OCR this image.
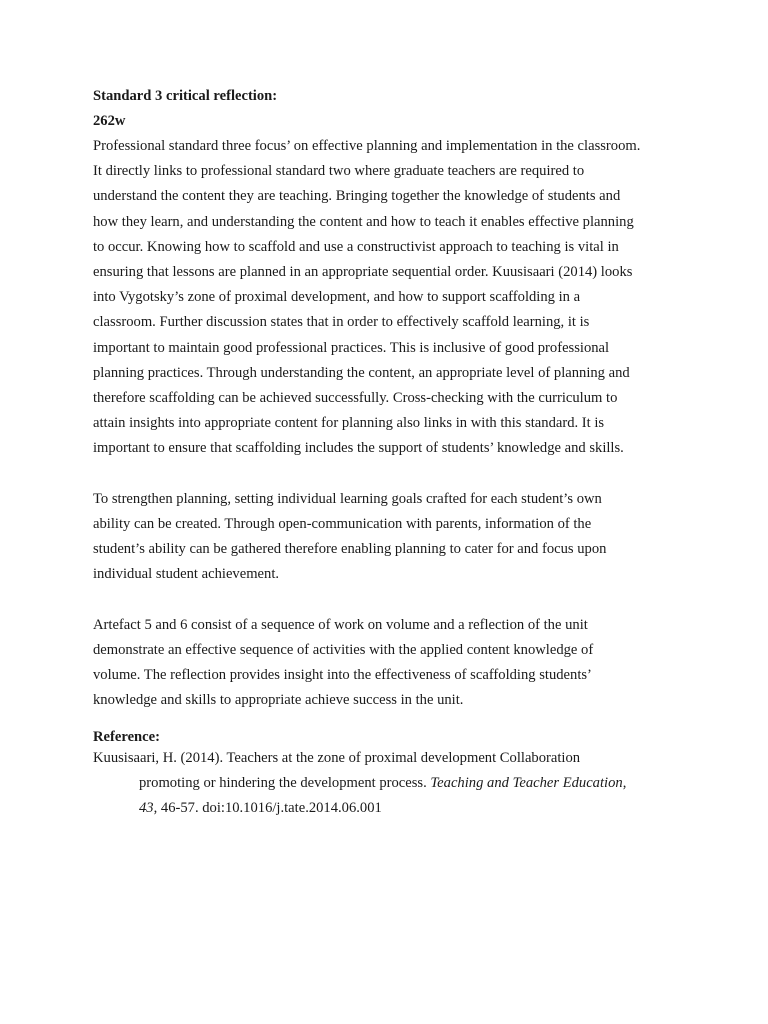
Standard 3 critical reflection:
262w

Professional standard three focus’ on effective planning and implementation in the classroom.
It directly links to professional standard two where graduate teachers are required to
understand the content they are teaching. Bringing together the knowledge of students and
how they learn, and understanding the content and how to teach it enables effective planning
to occur. Knowing how to scaffold and use a constructivist approach to teaching is vital in
ensuring that lessons are planned in an appropriate sequential order. Kuusisaari (2014) looks
into Vygotsky’s zone of proximal development, and how to support scaffolding in a
classroom. Further discussion states that in order to effectively scaffold learning, it is
important to maintain good professional practices. This is inclusive of good professional
planning practices. Through understanding the content, an appropriate level of planning and
therefore scaffolding can be achieved successfully. Cross-checking with the curriculum to
attain insights into appropriate content for planning also links in with this standard. It is
important to ensure that scaffolding includes the support of students’ knowledge and skills.

To strengthen planning, setting individual learning goals crafted for each student’s own
ability can be created. Through open-communication with parents, information of the
student’s ability can be gathered therefore enabling planning to cater for and focus upon
individual student achievement.

Artefact 5 and 6 consist of a sequence of work on volume and a reflection of the unit
demonstrate an effective sequence of activities with the applied content knowledge of
volume. The reflection provides insight into the effectiveness of scaffolding students’
knowledge and skills to appropriate achieve success in the unit.

Reference:

Kuusisaari, H. (2014). Teachers at the zone of proximal development Collaboration
promoting or hindering the development process. Teaching and Teacher Education,
43, 46-57. doi:10.1016/j.tate.2014.06.001
